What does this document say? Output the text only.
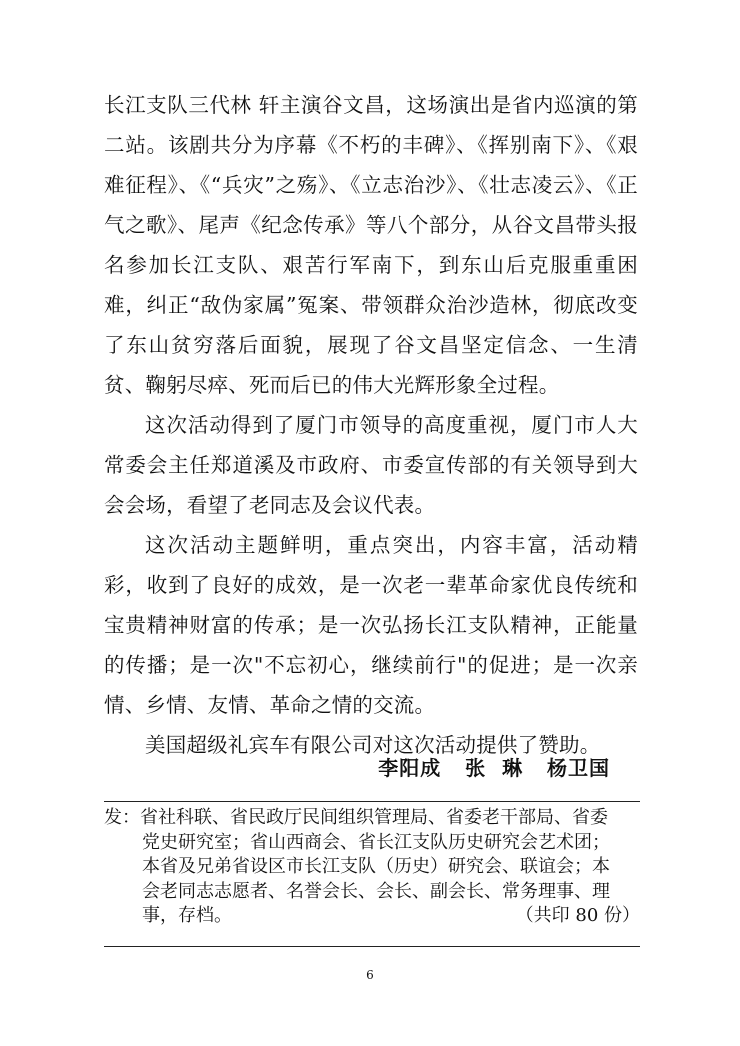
长江支队三代林 轩主演谷文昌，这场演出是省内巡演的第二站。该剧共分为序幕《不朽的丰碑》、《挥别南下》、《艰难征程》、《“兵灾”之殇》、《立志治沙》、《壮志凌云》、《正气之歌》、尾声《纪念传承》等八个部分，从谷文昌带头报名参加长江支队、艰苦行军南下，到东山后克服重重困难，纠正“敌伪家属”冤案、带领群众治沙造林，彻底改变了东山贫穷落后面貌，展现了谷文昌坚定信念、一生清贫、鞠躬尽瘁、死而后已的伟大光辉形象全过程。

这次活动得到了厦门市领导的高度重视，厦门市人大常委会主任郑道溪及市政府、市委宣传部的有关领导到大会会场，看望了老同志及会议代表。

这次活动主题鲜明，重点突出，内容丰富，活动精彩，收到了良好的成效，是一次老一辈革命家优良传统和宝贵精神财富的传承；是一次弘扬长江支队精神，正能量的传播；是一次"不忘初心，继续前行"的促进；是一次亲情、乡情、友情、革命之情的交流。

美国超级礼宾车有限公司对这次活动提供了赞助。

李阳成   张  琳   杨卫国
发：省社科联、省民政厅民间组织管理局、省委老干部局、省委
党史研究室；省山西商会、省长江支队历史研究会艺术团；
本省及兄弟省设区市长江支队（历史）研究会、联谊会；本
会老同志志愿者、名誉会长、会长、副会长、常务理事、理
事，存档。	（共印 80 份）
6
